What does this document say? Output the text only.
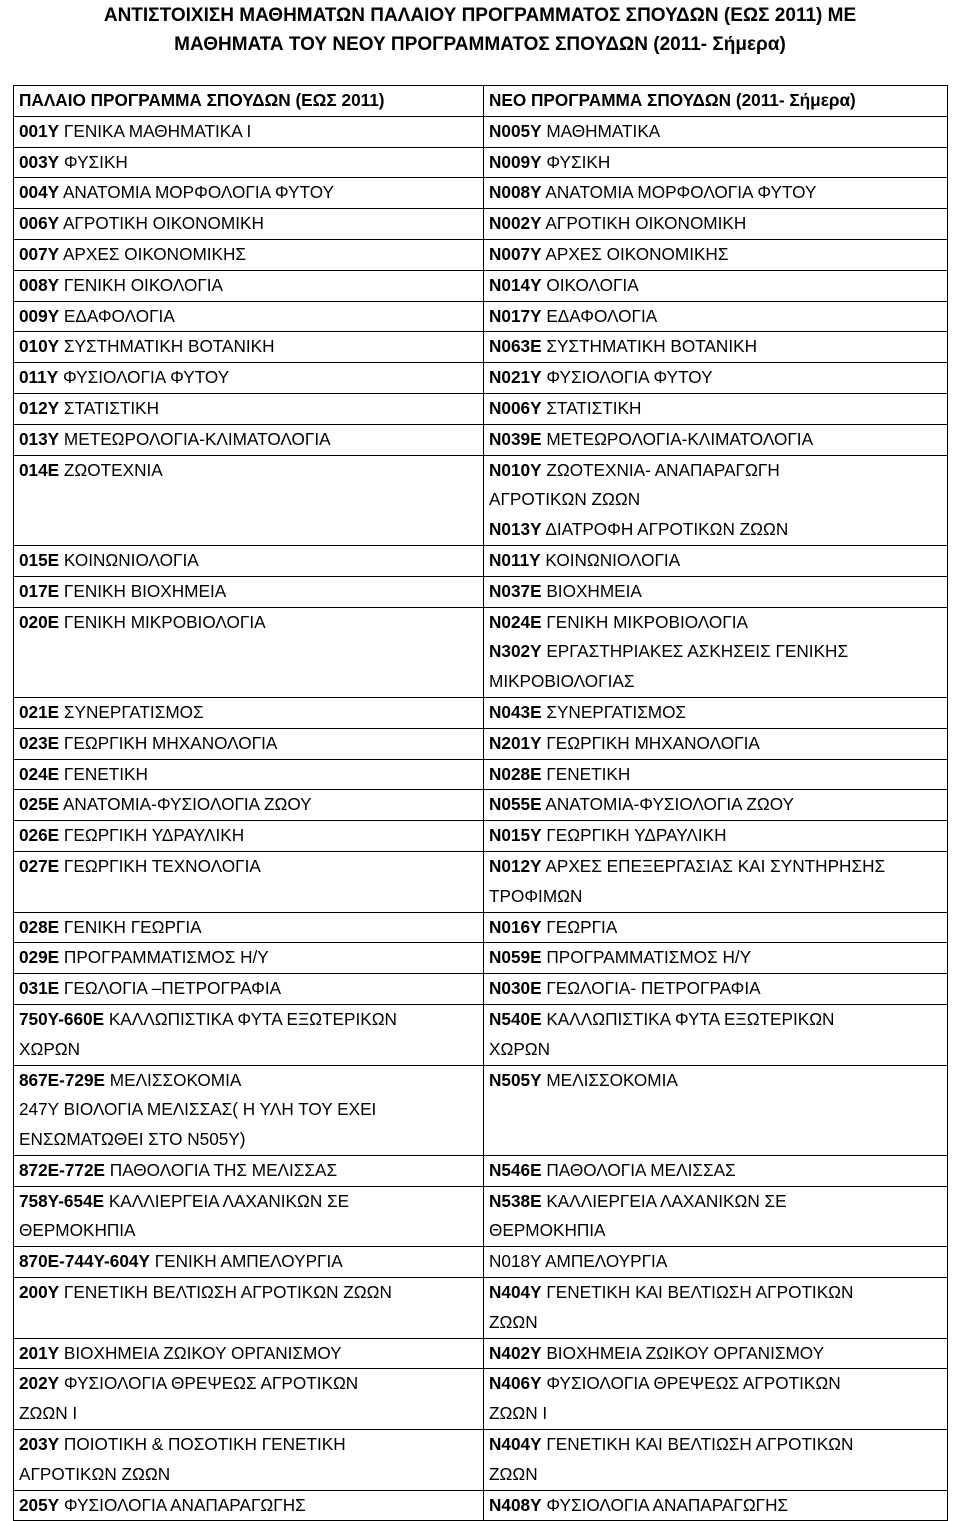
ΑΝΤΙΣΤΟΙΧΙΣΗ ΜΑΘΗΜΑΤΩΝ ΠΑΛΑΙΟΥ ΠΡΟΓΡΑΜΜΑΤΟΣ ΣΠΟΥΔΩΝ (ΕΩΣ 2011) ΜΕ
ΜΑΘΗΜΑΤΑ ΤΟΥ ΝΕΟΥ ΠΡΟΓΡΑΜΜΑΤΟΣ ΣΠΟΥΔΩΝ (2011- Σήμερα)
ΠΑΛΑΙΟ ΠΡΟΓΡΑΜΜΑ ΣΠΟΥΔΩΝ (ΕΩΣ 2011)	ΝΕΟ ΠΡΟΓΡΑΜΜΑ ΣΠΟΥΔΩΝ (2011- Σήμερα)

001Υ ΓΕΝΙΚΑ ΜΑΘΗΜΑΤΙΚΑ Ι	Ν005Υ ΜΑΘΗΜΑΤΙΚΑ

003Υ ΦΥΣΙΚΗ	Ν009Υ ΦΥΣΙΚΗ

004Υ ΑΝΑΤΟΜΙΑ ΜΟΡΦΟΛΟΓΙΑ ΦΥΤΟΥ	Ν008Υ ΑΝΑΤΟΜΙΑ ΜΟΡΦΟΛΟΓΙΑ ΦΥΤΟΥ

006Υ ΑΓΡΟΤΙΚΗ ΟΙΚΟΝΟΜΙΚΗ	Ν002Υ ΑΓΡΟΤΙΚΗ ΟΙΚΟΝΟΜΙΚΗ

007Υ ΑΡΧΕΣ ΟΙΚΟΝΟΜΙΚΗΣ	Ν007Υ ΑΡΧΕΣ ΟΙΚΟΝΟΜΙΚΗΣ

008Υ ΓΕΝΙΚΗ ΟΙΚΟΛΟΓΙΑ	Ν014Υ ΟΙΚΟΛΟΓΙΑ

009Υ ΕΔΑΦΟΛΟΓΙΑ	Ν017Υ ΕΔΑΦΟΛΟΓΙΑ

010Υ ΣΥΣΤΗΜΑΤΙΚΗ ΒΟΤΑΝΙΚΗ	Ν063Ε ΣΥΣΤΗΜΑΤΙΚΗ ΒΟΤΑΝΙΚΗ

011Υ ΦΥΣΙΟΛΟΓΙΑ ΦΥΤΟΥ	Ν021Υ ΦΥΣΙΟΛΟΓΙΑ ΦΥΤΟΥ

012Υ ΣΤΑΤΙΣΤΙΚΗ	Ν006Υ ΣΤΑΤΙΣΤΙΚΗ

013Υ ΜΕΤΕΩΡΟΛΟΓΙΑ-ΚΛΙΜΑΤΟΛΟΓΙΑ	Ν039Ε ΜΕΤΕΩΡΟΛΟΓΙΑ-ΚΛΙΜΑΤΟΛΟΓΙΑ

014Ε ΖΩΟΤΕΧΝΙΑ	Ν010Υ ΖΩΟΤΕΧΝΙΑ- ΑΝΑΠΑΡΑΓΩΓΗ
ΑΓΡΟΤΙΚΩΝ ΖΩΩΝ
Ν013Υ ΔΙΑΤΡΟΦΗ ΑΓΡΟΤΙΚΩΝ ΖΩΩΝ

015Ε ΚΟΙΝΩΝΙΟΛΟΓΙΑ	Ν011Υ ΚΟΙΝΩΝΙΟΛΟΓΙΑ

017Ε ΓΕΝΙΚΗ ΒΙΟΧΗΜΕΙΑ	Ν037Ε ΒΙΟΧΗΜΕΙΑ

020Ε ΓΕΝΙΚΗ ΜΙΚΡΟΒΙΟΛΟΓΙΑ	Ν024Ε ΓΕΝΙΚΗ ΜΙΚΡΟΒΙΟΛΟΓΙΑ
Ν302Υ ΕΡΓΑΣΤΗΡΙΑΚΕΣ ΑΣΚΗΣΕΙΣ ΓΕΝΙΚΗΣ
ΜΙΚΡΟΒΙΟΛΟΓΙΑΣ

021Ε ΣΥΝΕΡΓΑΤΙΣΜΟΣ	Ν043Ε ΣΥΝΕΡΓΑΤΙΣΜΟΣ

023Ε ΓΕΩΡΓΙΚΗ ΜΗΧΑΝΟΛΟΓΙΑ	Ν201Υ ΓΕΩΡΓΙΚΗ ΜΗΧΑΝΟΛΟΓΙΑ

024Ε ΓΕΝΕΤΙΚΗ	Ν028Ε ΓΕΝΕΤΙΚΗ

025Ε ΑΝΑΤΟΜΙΑ-ΦΥΣΙΟΛΟΓΙΑ ΖΩΟΥ	Ν055Ε ΑΝΑΤΟΜΙΑ-ΦΥΣΙΟΛΟΓΙΑ ΖΩΟΥ

026Ε ΓΕΩΡΓΙΚΗ ΥΔΡΑΥΛΙΚΗ	Ν015Υ ΓΕΩΡΓΙΚΗ ΥΔΡΑΥΛΙΚΗ

027Ε ΓΕΩΡΓΙΚΗ ΤΕΧΝΟΛΟΓΙΑ	Ν012Υ ΑΡΧΕΣ ΕΠΕΞΕΡΓΑΣΙΑΣ ΚΑΙ ΣΥΝΤΗΡΗΣΗΣ
ΤΡΟΦΙΜΩΝ

028Ε ΓΕΝΙΚΗ ΓΕΩΡΓΙΑ	Ν016Υ ΓΕΩΡΓΙΑ

029Ε ΠΡΟΓΡΑΜΜΑΤΙΣΜΟΣ Η/Υ	Ν059Ε ΠΡΟΓΡΑΜΜΑΤΙΣΜΟΣ Η/Υ

031Ε ΓΕΩΛΟΓΙΑ –ΠΕΤΡΟΓΡΑΦΙΑ	Ν030Ε ΓΕΩΛΟΓΙΑ- ΠΕΤΡΟΓΡΑΦΙΑ

750Υ-660Ε ΚΑΛΛΩΠΙΣΤΙΚΑ ΦΥΤΑ ΕΞΩΤΕΡΙΚΩΝ
ΧΩΡΩΝ	Ν540Ε ΚΑΛΛΩΠΙΣΤΙΚΑ ΦΥΤΑ ΕΞΩΤΕΡΙΚΩΝ
ΧΩΡΩΝ

867Ε-729Ε ΜΕΛΙΣΣΟΚΟΜΙΑ
247Υ ΒΙΟΛΟΓΙΑ ΜΕΛΙΣΣΑΣ( Η ΥΛΗ ΤΟΥ ΕΧΕΙ
ΕΝΣΩΜΑΤΩΘΕΙ ΣΤΟ Ν505Υ)	Ν505Υ ΜΕΛΙΣΣΟΚΟΜΙΑ

872Ε-772Ε ΠΑΘΟΛΟΓΙΑ ΤΗΣ ΜΕΛΙΣΣΑΣ	Ν546Ε ΠΑΘΟΛΟΓΙΑ ΜΕΛΙΣΣΑΣ

758Υ-654Ε ΚΑΛΛΙΕΡΓΕΙΑ ΛΑΧΑΝΙΚΩΝ ΣΕ
ΘΕΡΜΟΚΗΠΙΑ	Ν538Ε ΚΑΛΛΙΕΡΓΕΙΑ ΛΑΧΑΝΙΚΩΝ ΣΕ
ΘΕΡΜΟΚΗΠΙΑ

870Ε-744Υ-604Υ ΓΕΝΙΚΗ ΑΜΠΕΛΟΥΡΓΙΑ	Ν018Υ ΑΜΠΕΛΟΥΡΓΙΑ

200Υ ΓΕΝΕΤΙΚΗ ΒΕΛΤΙΩΣΗ ΑΓΡΟΤΙΚΩΝ ΖΩΩΝ	Ν404Υ ΓΕΝΕΤΙΚΗ ΚΑΙ ΒΕΛΤΙΩΣΗ ΑΓΡΟΤΙΚΩΝ
ΖΩΩΝ

201Υ ΒΙΟΧΗΜΕΙΑ ΖΩΙΚΟΥ ΟΡΓΑΝΙΣΜΟΥ	Ν402Υ ΒΙΟΧΗΜΕΙΑ ΖΩΙΚΟΥ ΟΡΓΑΝΙΣΜΟΥ

202Υ ΦΥΣΙΟΛΟΓΙΑ ΘΡΕΨΕΩΣ ΑΓΡΟΤΙΚΩΝ
ΖΩΩΝ Ι	Ν406Υ ΦΥΣΙΟΛΟΓΙΑ ΘΡΕΨΕΩΣ ΑΓΡΟΤΙΚΩΝ
ΖΩΩΝ Ι

203Υ ΠΟΙΟΤΙΚΗ & ΠΟΣΟΤΙΚΗ ΓΕΝΕΤΙΚΗ
ΑΓΡΟΤΙΚΩΝ ΖΩΩΝ	Ν404Υ ΓΕΝΕΤΙΚΗ ΚΑΙ ΒΕΛΤΙΩΣΗ ΑΓΡΟΤΙΚΩΝ
ΖΩΩΝ

205Υ ΦΥΣΙΟΛΟΓΙΑ ΑΝΑΠΑΡΑΓΩΓΗΣ	Ν408Υ ΦΥΣΙΟΛΟΓΙΑ ΑΝΑΠΑΡΑΓΩΓΗΣ
